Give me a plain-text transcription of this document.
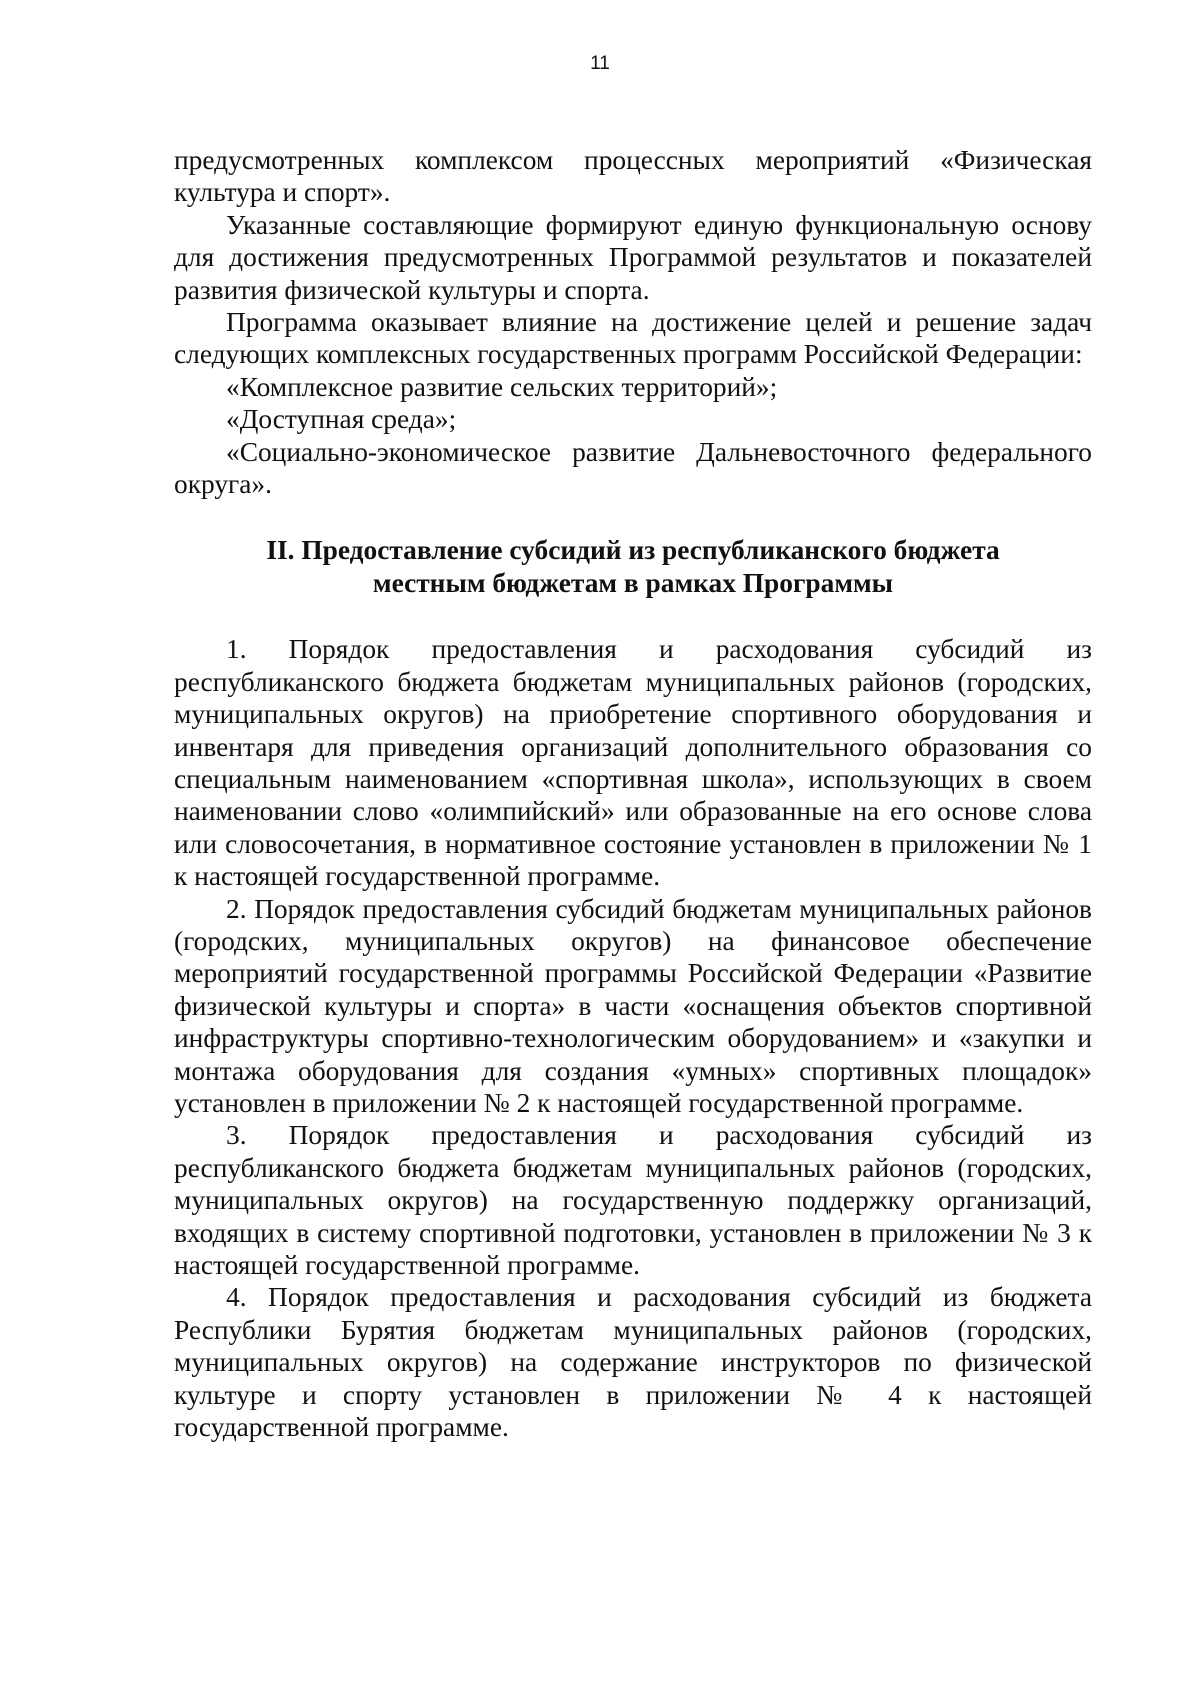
11

предусмотренных комплексом процессных мероприятий «Физическая культура и спорт».

Указанные составляющие формируют единую функциональную основу для достижения предусмотренных Программой результатов и показателей развития физической культуры и спорта.

Программа оказывает влияние на достижение целей и решение задач следующих комплексных государственных программ Российской Федерации:

«Комплексное развитие сельских территорий»;

«Доступная среда»;

«Социально-экономическое развитие Дальневосточного федерального округа».

II. Предоставление субсидий из республиканского бюджета
местным бюджетам в рамках Программы

1. Порядок предоставления и расходования субсидий из республиканского бюджета бюджетам муниципальных районов (городских, муниципальных округов) на приобретение спортивного оборудования и инвентаря для приведения организаций дополнительного образования со специальным наименованием «спортивная школа», использующих в своем наименовании слово «олимпийский» или образованные на его основе слова или словосочетания, в нормативное состояние установлен в приложении № 1 к настоящей государственной программе.

2. Порядок предоставления субсидий бюджетам муниципальных районов (городских, муниципальных округов) на финансовое обеспечение мероприятий государственной программы Российской Федерации «Развитие физической культуры и спорта» в части «оснащения объектов спортивной инфраструктуры спортивно-технологическим оборудованием» и «закупки и монтажа оборудования для создания «умных» спортивных площадок» установлен в приложении № 2 к настоящей государственной программе.

3. Порядок предоставления и расходования субсидий из республиканского бюджета бюджетам муниципальных районов (городских, муниципальных округов) на государственную поддержку организаций, входящих в систему спортивной подготовки, установлен в приложении № 3 к настоящей государственной программе.

4. Порядок предоставления и расходования субсидий из бюджета Республики Бурятия бюджетам муниципальных районов (городских, муниципальных округов) на содержание инструкторов по физической культуре и спорту установлен в приложении № 4 к настоящей государственной программе.
